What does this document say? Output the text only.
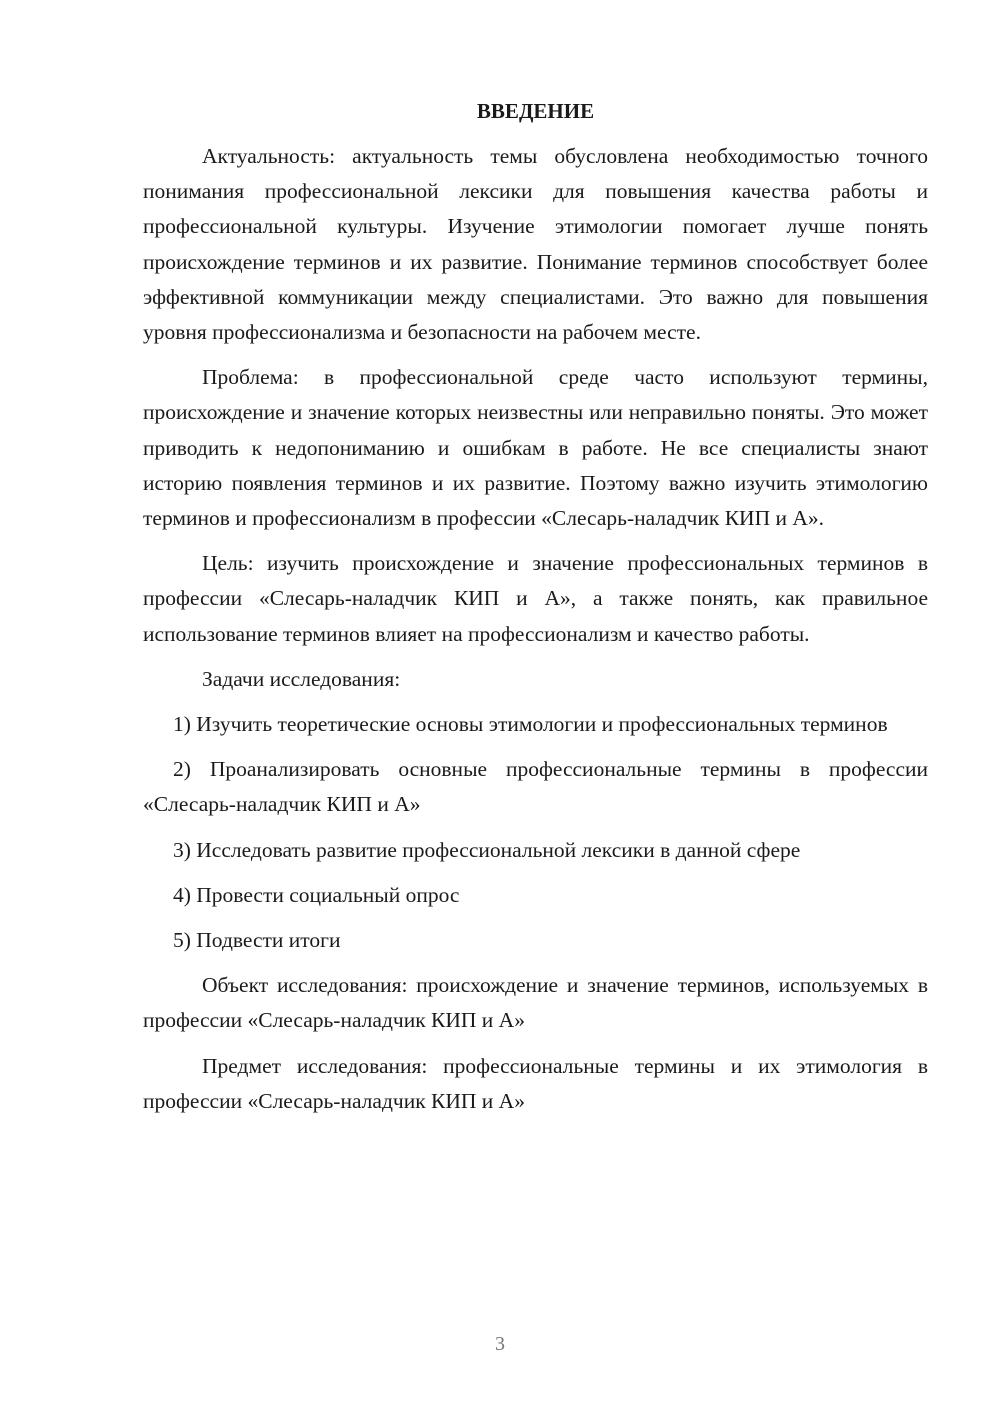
ВВЕДЕНИЕ

Актуальность: актуальность темы обусловлена необходимостью точного понимания профессиональной лексики для повышения качества работы и профессиональной культуры. Изучение этимологии помогает лучше понять происхождение терминов и их развитие. Понимание терминов способствует более эффективной коммуникации между специалистами. Это важно для повышения уровня профессионализма и безопасности на рабочем месте.

Проблема: в профессиональной среде часто используют термины, происхождение и значение которых неизвестны или неправильно поняты. Это может приводить к недопониманию и ошибкам в работе. Не все специалисты знают историю появления терминов и их развитие. Поэтому важно изучить этимологию терминов и профессионализм в профессии «Слесарь-наладчик КИП и А».

Цель: изучить происхождение и значение профессиональных терминов в профессии «Слесарь-наладчик КИП и А», а также понять, как правильное использование терминов влияет на профессионализм и качество работы.

Задачи исследования:

1) Изучить теоретические основы этимологии и профессиональных терминов

2) Проанализировать основные профессиональные термины в профессии «Слесарь-наладчик КИП и А»

3) Исследовать развитие профессиональной лексики в данной сфере

4) Провести социальный опрос

5) Подвести итоги

Объект исследования: происхождение и значение терминов, используемых в профессии «Слесарь-наладчик КИП и А»

Предмет исследования: профессиональные термины и их этимология в профессии «Слесарь-наладчик КИП и А»

3
